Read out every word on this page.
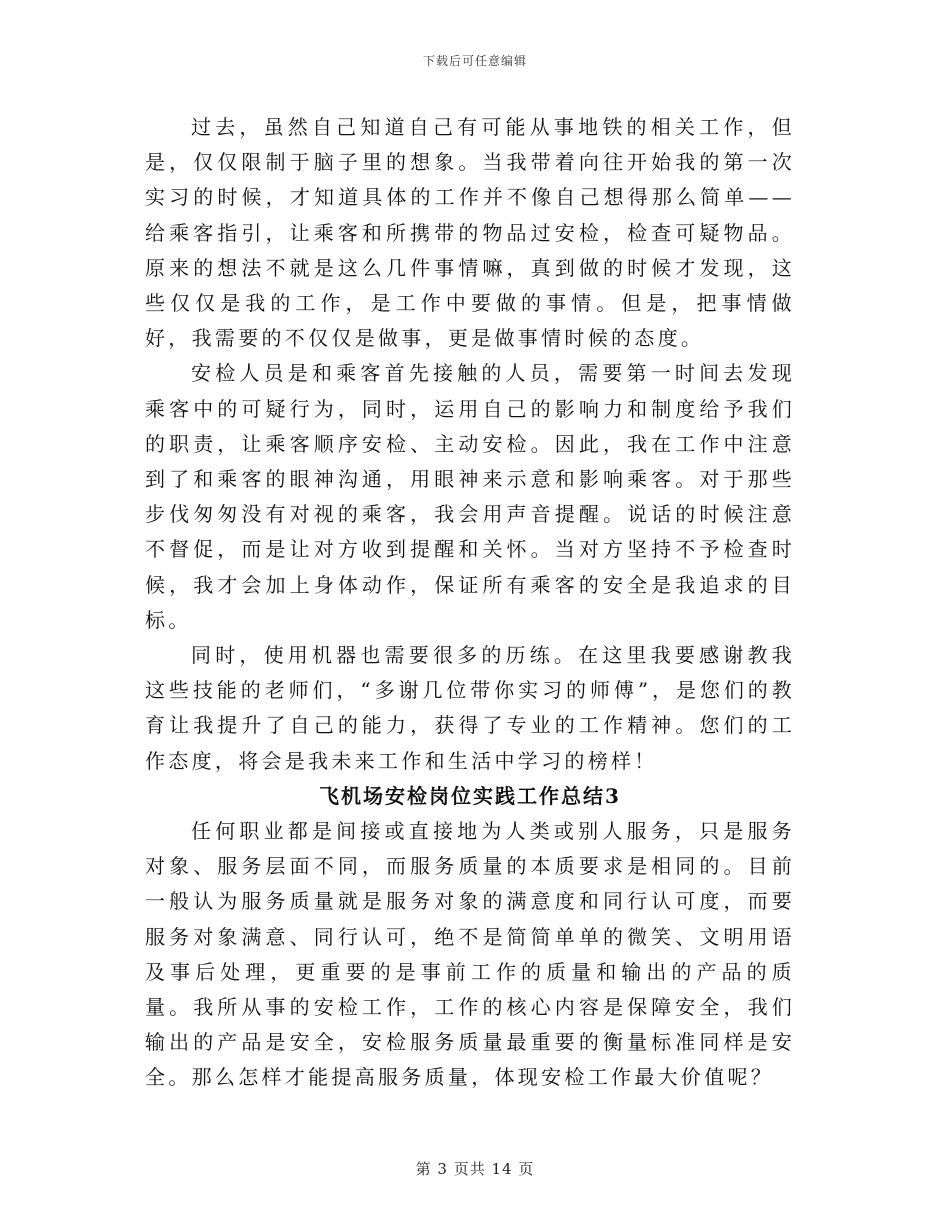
下载后可任意编辑

过去，虽然自己知道自己有可能从事地铁的相关工作，但是，仅仅限制于脑子里的想象。当我带着向往开始我的第一次实习的时候，才知道具体的工作并不像自己想得那么简单——给乘客指引，让乘客和所携带的物品过安检，检查可疑物品。原来的想法不就是这么几件事情嘛，真到做的时候才发现，这些仅仅是我的工作，是工作中要做的事情。但是，把事情做好，我需要的不仅仅是做事，更是做事情时候的态度。

安检人员是和乘客首先接触的人员，需要第一时间去发现乘客中的可疑行为，同时，运用自己的影响力和制度给予我们的职责，让乘客顺序安检、主动安检。因此，我在工作中注意到了和乘客的眼神沟通，用眼神来示意和影响乘客。对于那些步伐匆匆没有对视的乘客，我会用声音提醒。说话的时候注意不督促，而是让对方收到提醒和关怀。当对方坚持不予检查时候，我才会加上身体动作，保证所有乘客的安全是我追求的目标。

同时，使用机器也需要很多的历练。在这里我要感谢教我这些技能的老师们，“多谢几位带你实习的师傅”，是您们的教育让我提升了自己的能力，获得了专业的工作精神。您们的工作态度，将会是我未来工作和生活中学习的榜样！

飞机场安检岗位实践工作总结3

任何职业都是间接或直接地为人类或别人服务，只是服务对象、服务层面不同，而服务质量的本质要求是相同的。目前一般认为服务质量就是服务对象的满意度和同行认可度，而要服务对象满意、同行认可，绝不是简简单单的微笑、文明用语及事后处理，更重要的是事前工作的质量和输出的产品的质量。我所从事的安检工作，工作的核心内容是保障安全，我们输出的产品是安全，安检服务质量最重要的衡量标准同样是安全。那么怎样才能提高服务质量，体现安检工作最大价值呢？

第 3 页共 14 页
